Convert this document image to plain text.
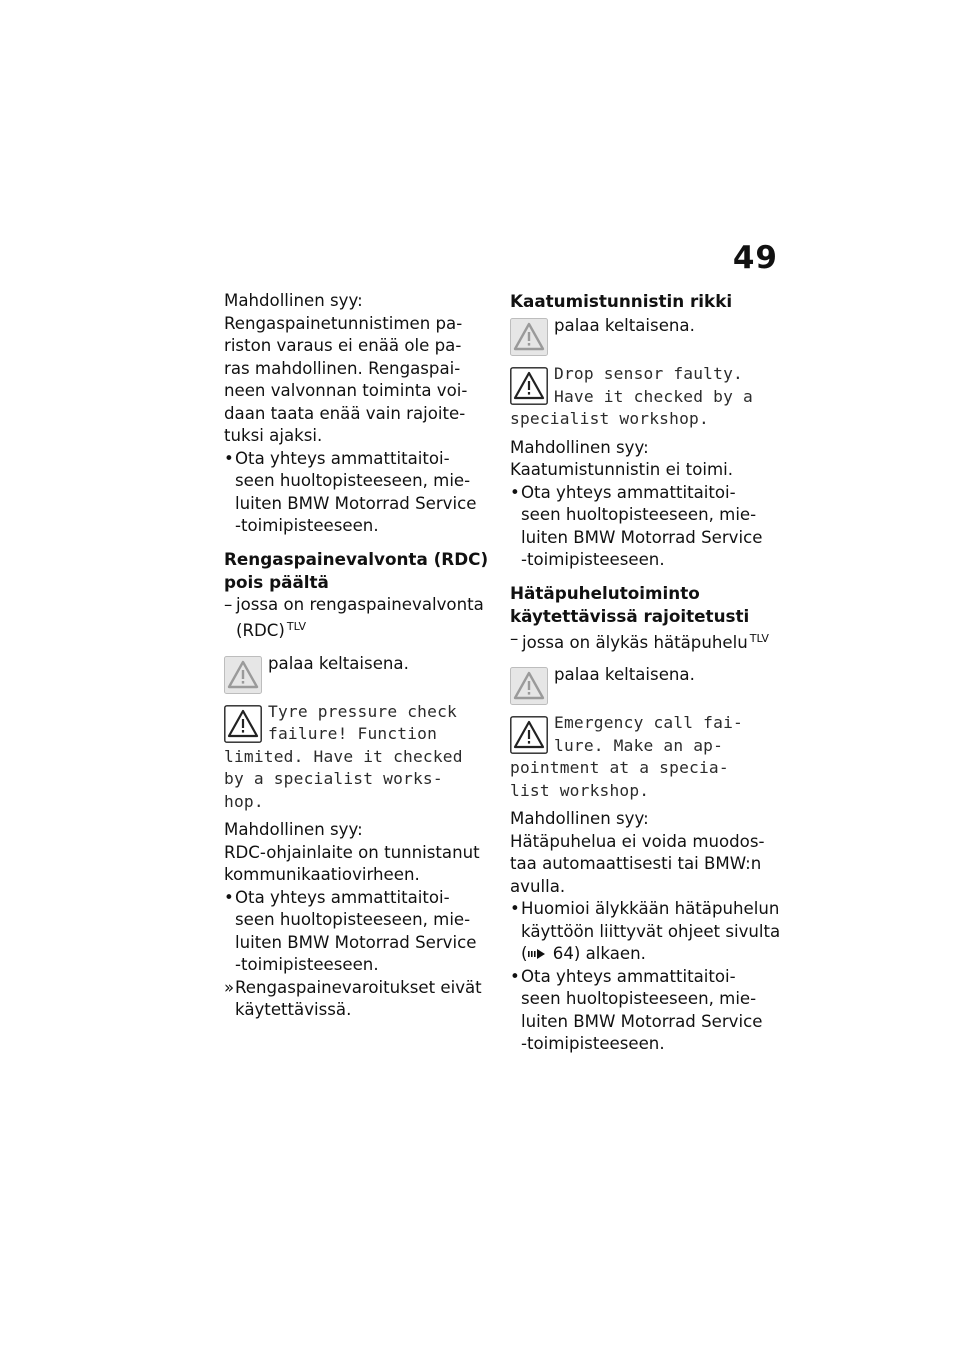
49

Mahdollinen syy:

Rengaspainetunnistimen pa-
riston varaus ei enää ole pa-
ras mahdollinen. Rengaspai-
neen valvonnan toiminta voi-
daan taata enää vain rajoite-
tuksi ajaksi.

• Ota yhteys ammattitaitoi-
seen huoltopisteeseen, mie-
luiten BMW Motorrad Service
-toimipisteeseen.

Rengaspainevalvonta (RDC)
pois päältä

– jossa on rengaspainevalvonta
(RDC) $^{TLV}$
palaa keltaisena.
Tyre pressure check
failure! Function
limited. Have it checked
by a specialist works-
hop.

Mahdollinen syy:

RDC-ohjainlaite on tunnistanut
kommunikaatiovirheen.

• Ota yhteys ammattitaitoi-
seen huoltopisteeseen, mie-
luiten BMW Motorrad Service
-toimipisteeseen.
» Rengaspainevaroitukset eivät
käytettävissä.

Kaatumistunnistin rikki

palaa keltaisena.
Drop sensor faulty.
Have it checked by a
specialist workshop.

Mahdollinen syy:

Kaatumistunnistin ei toimi.

• Ota yhteys ammattitaitoi-
seen huoltopisteeseen, mie-
luiten BMW Motorrad Service
-toimipisteeseen.

Hätäpuhelutoiminto
käytettävissä rajoitetusti

– jossa on älykäs hätäpuhelu $^{TLV}$
palaa keltaisena.
Emergency call fai-
lure. Make an ap-
pointment at a specia-
list workshop.

Mahdollinen syy:

Hätäpuhelua ei voida muodos-
taa automaattisesti tai BMW:n
avulla.

• Huomioi älykkään hätäpuhelun
käyttöön liittyvät ohjeet sivulta
( 64) alkaen.
• Ota yhteys ammattitaitoi-
seen huoltopisteeseen, mie-
luiten BMW Motorrad Service
-toimipisteeseen.
